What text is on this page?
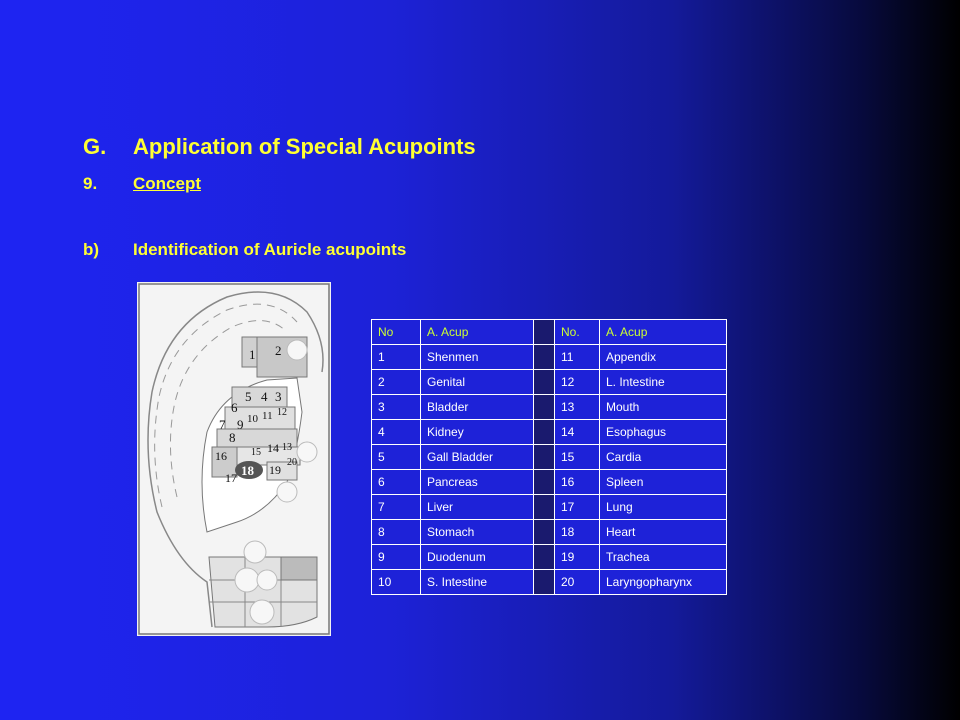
G. Application of Special Acupoints
9. Concept
b) Identification of Auricle acupoints
1 2
3
4
5
6
7
8
9 10 11 12
13
14
15
16
17 18 19
20
No	A. Acup		No.	A. Acup
1	Shenmen		11	Appendix
2	Genital		12	L. Intestine
3	Bladder		13	Mouth
4	Kidney		14	Esophagus
5	Gall Bladder		15	Cardia
6	Pancreas		16	Spleen
7	Liver		17	Lung
8	Stomach		18	Heart
9	Duodenum		19	Trachea
10	S. Intestine		20	Laryngopharynx
